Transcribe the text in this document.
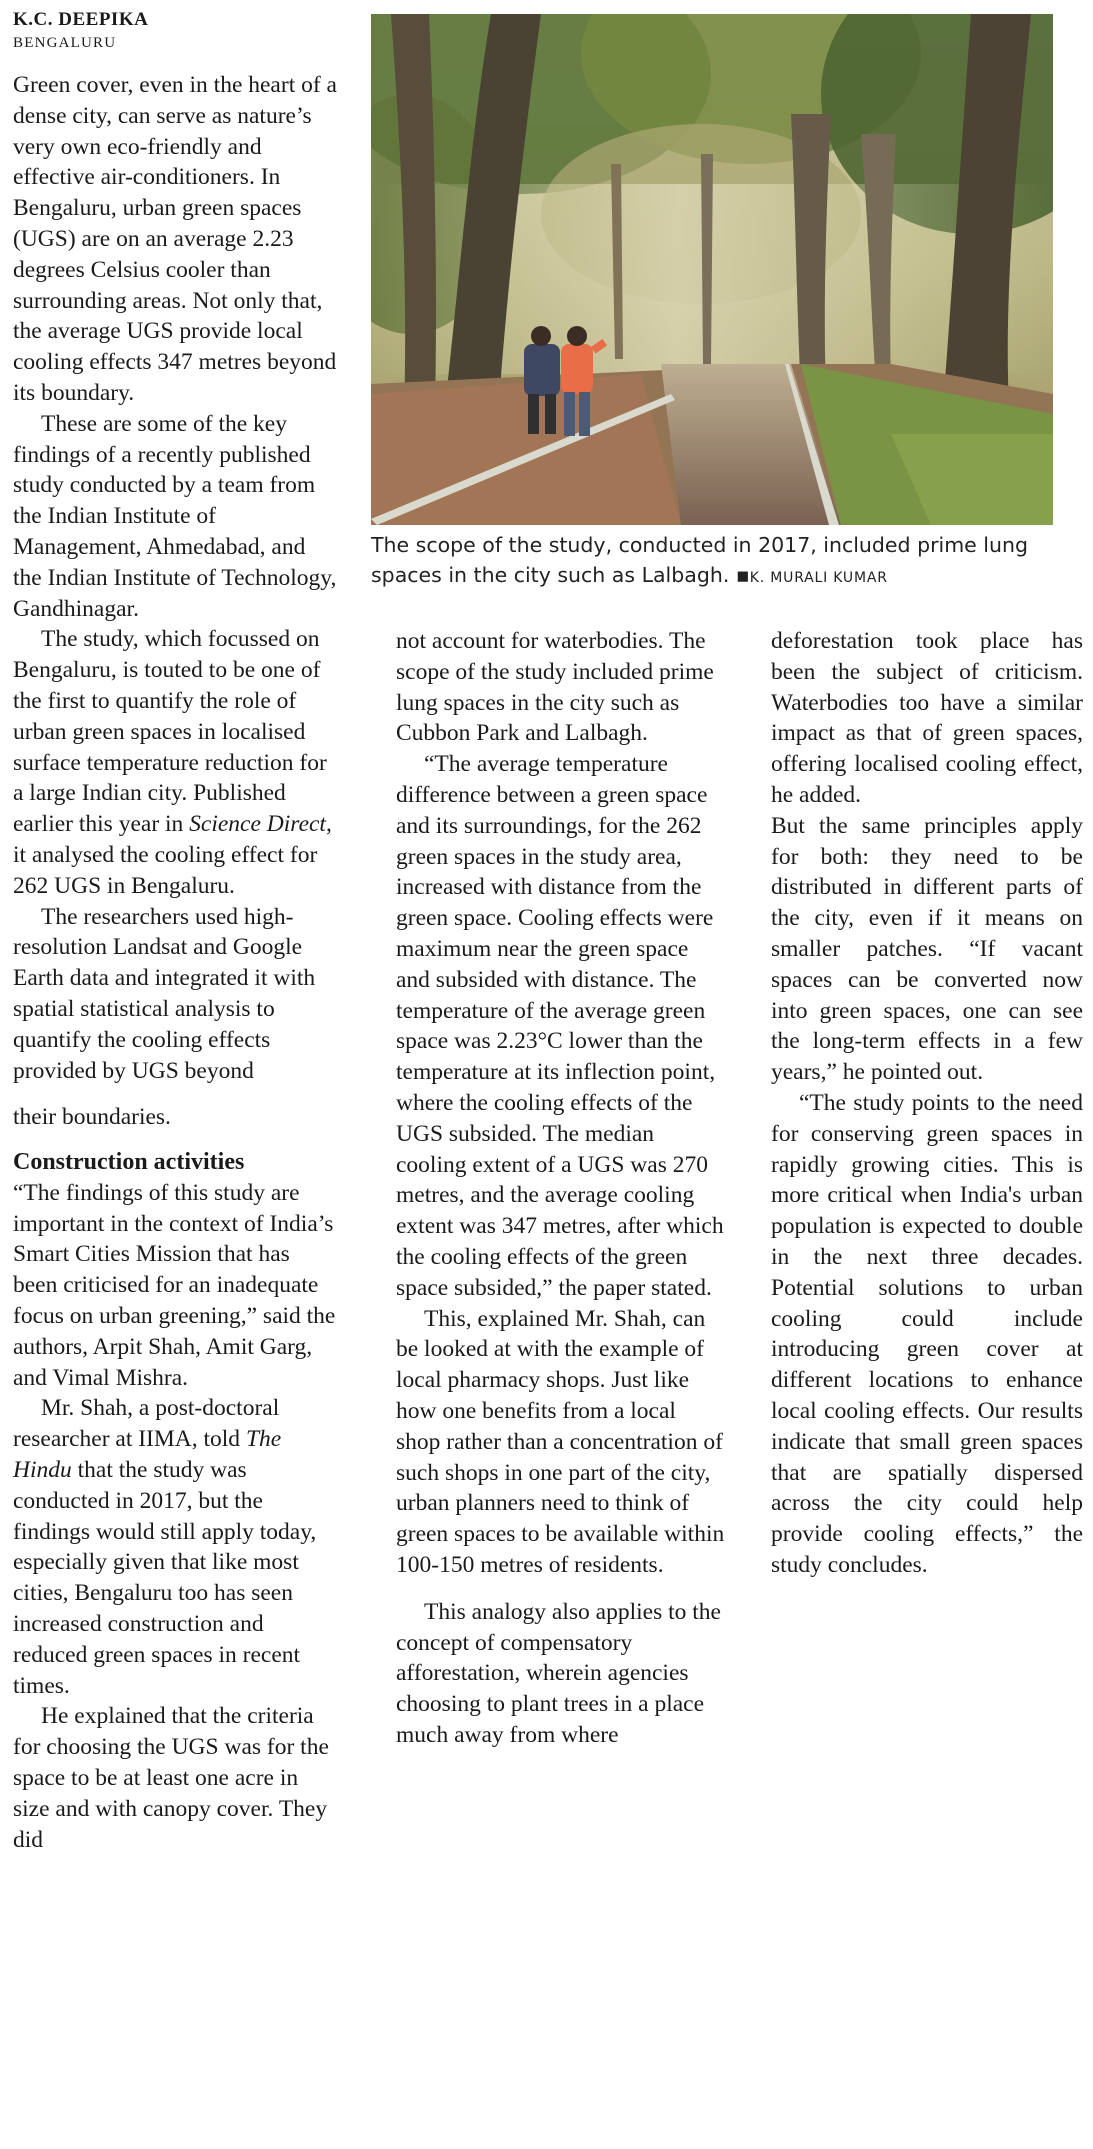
K.C. DEEPIKA
BENGALURU
The scope of the study, conducted in 2017, included prime lung spaces in the city such as Lalbagh. ▪K. MURALI KUMAR

Green cover, even in the heart of a dense city, can serve as nature’s very own eco-friendly and effective air-conditioners. In Bengaluru, urban green spaces (UGS) are on an average 2.23 degrees Celsius cooler than surrounding areas. Not only that, the average UGS provide local cooling effects 347 metres beyond its boundary.

These are some of the key findings of a recently published study conducted by a team from the Indian Institute of Management, Ahmedabad, and the Indian Institute of Technology, Gandhinagar.

The study, which focussed on Bengaluru, is touted to be one of the first to quantify the role of urban green spaces in localised surface temperature reduction for a large Indian city. Published earlier this year in Science Direct, it analysed the cooling effect for 262 UGS in Bengaluru.

The researchers used high-resolution Landsat and Google Earth data and integrated it with spatial statistical analysis to quantify the cooling effects provided by UGS beyond

their boundaries.

Construction activities

“The findings of this study are important in the context of India’s Smart Cities Mission that has been criticised for an inadequate focus on urban greening,” said the authors, Arpit Shah, Amit Garg, and Vimal Mishra.

Mr. Shah, a post-doctoral researcher at IIMA, told The Hindu that the study was conducted in 2017, but the findings would still apply today, especially given that like most cities, Bengaluru too has seen increased construction and reduced green spaces in recent times.

He explained that the criteria for choosing the UGS was for the space to be at least one acre in size and with canopy cover. They did

not account for waterbodies. The scope of the study included prime lung spaces in the city such as Cubbon Park and Lalbagh.

“The average temperature difference between a green space and its surroundings, for the 262 green spaces in the study area, increased with distance from the green space. Cooling effects were maximum near the green space and subsided with distance. The temperature of the average green space was 2.23°C lower than the temperature at its inflection point, where the cooling effects of the UGS subsided. The median cooling extent of a UGS was 270 metres, and the average cooling extent was 347 metres, after which the cooling effects of the green space subsided,” the paper stated.

This, explained Mr. Shah, can be looked at with the example of local pharmacy shops. Just like how one benefits from a local shop rather than a concentration of such shops in one part of the city, urban planners need to think of green spaces to be available within 100-150 metres of residents.

This analogy also applies to the concept of compensatory afforestation, wherein agencies choosing to plant trees in a place much away from where

deforestation took place has been the subject of criticism. Waterbodies too have a similar impact as that of green spaces, offering localised cooling effect, he added.

But the same principles apply for both: they need to be distributed in different parts of the city, even if it means on smaller patches. “If vacant spaces can be converted now into green spaces, one can see the long-term effects in a few years,” he pointed out.

“The study points to the need for conserving green spaces in rapidly growing cities. This is more critical when India's urban population is expected to double in the next three decades. Potential solutions to urban cooling could include introducing green cover at different locations to enhance local cooling effects. Our results indicate that small green spaces that are spatially dispersed across the city could help provide cooling effects,” the study concludes.
